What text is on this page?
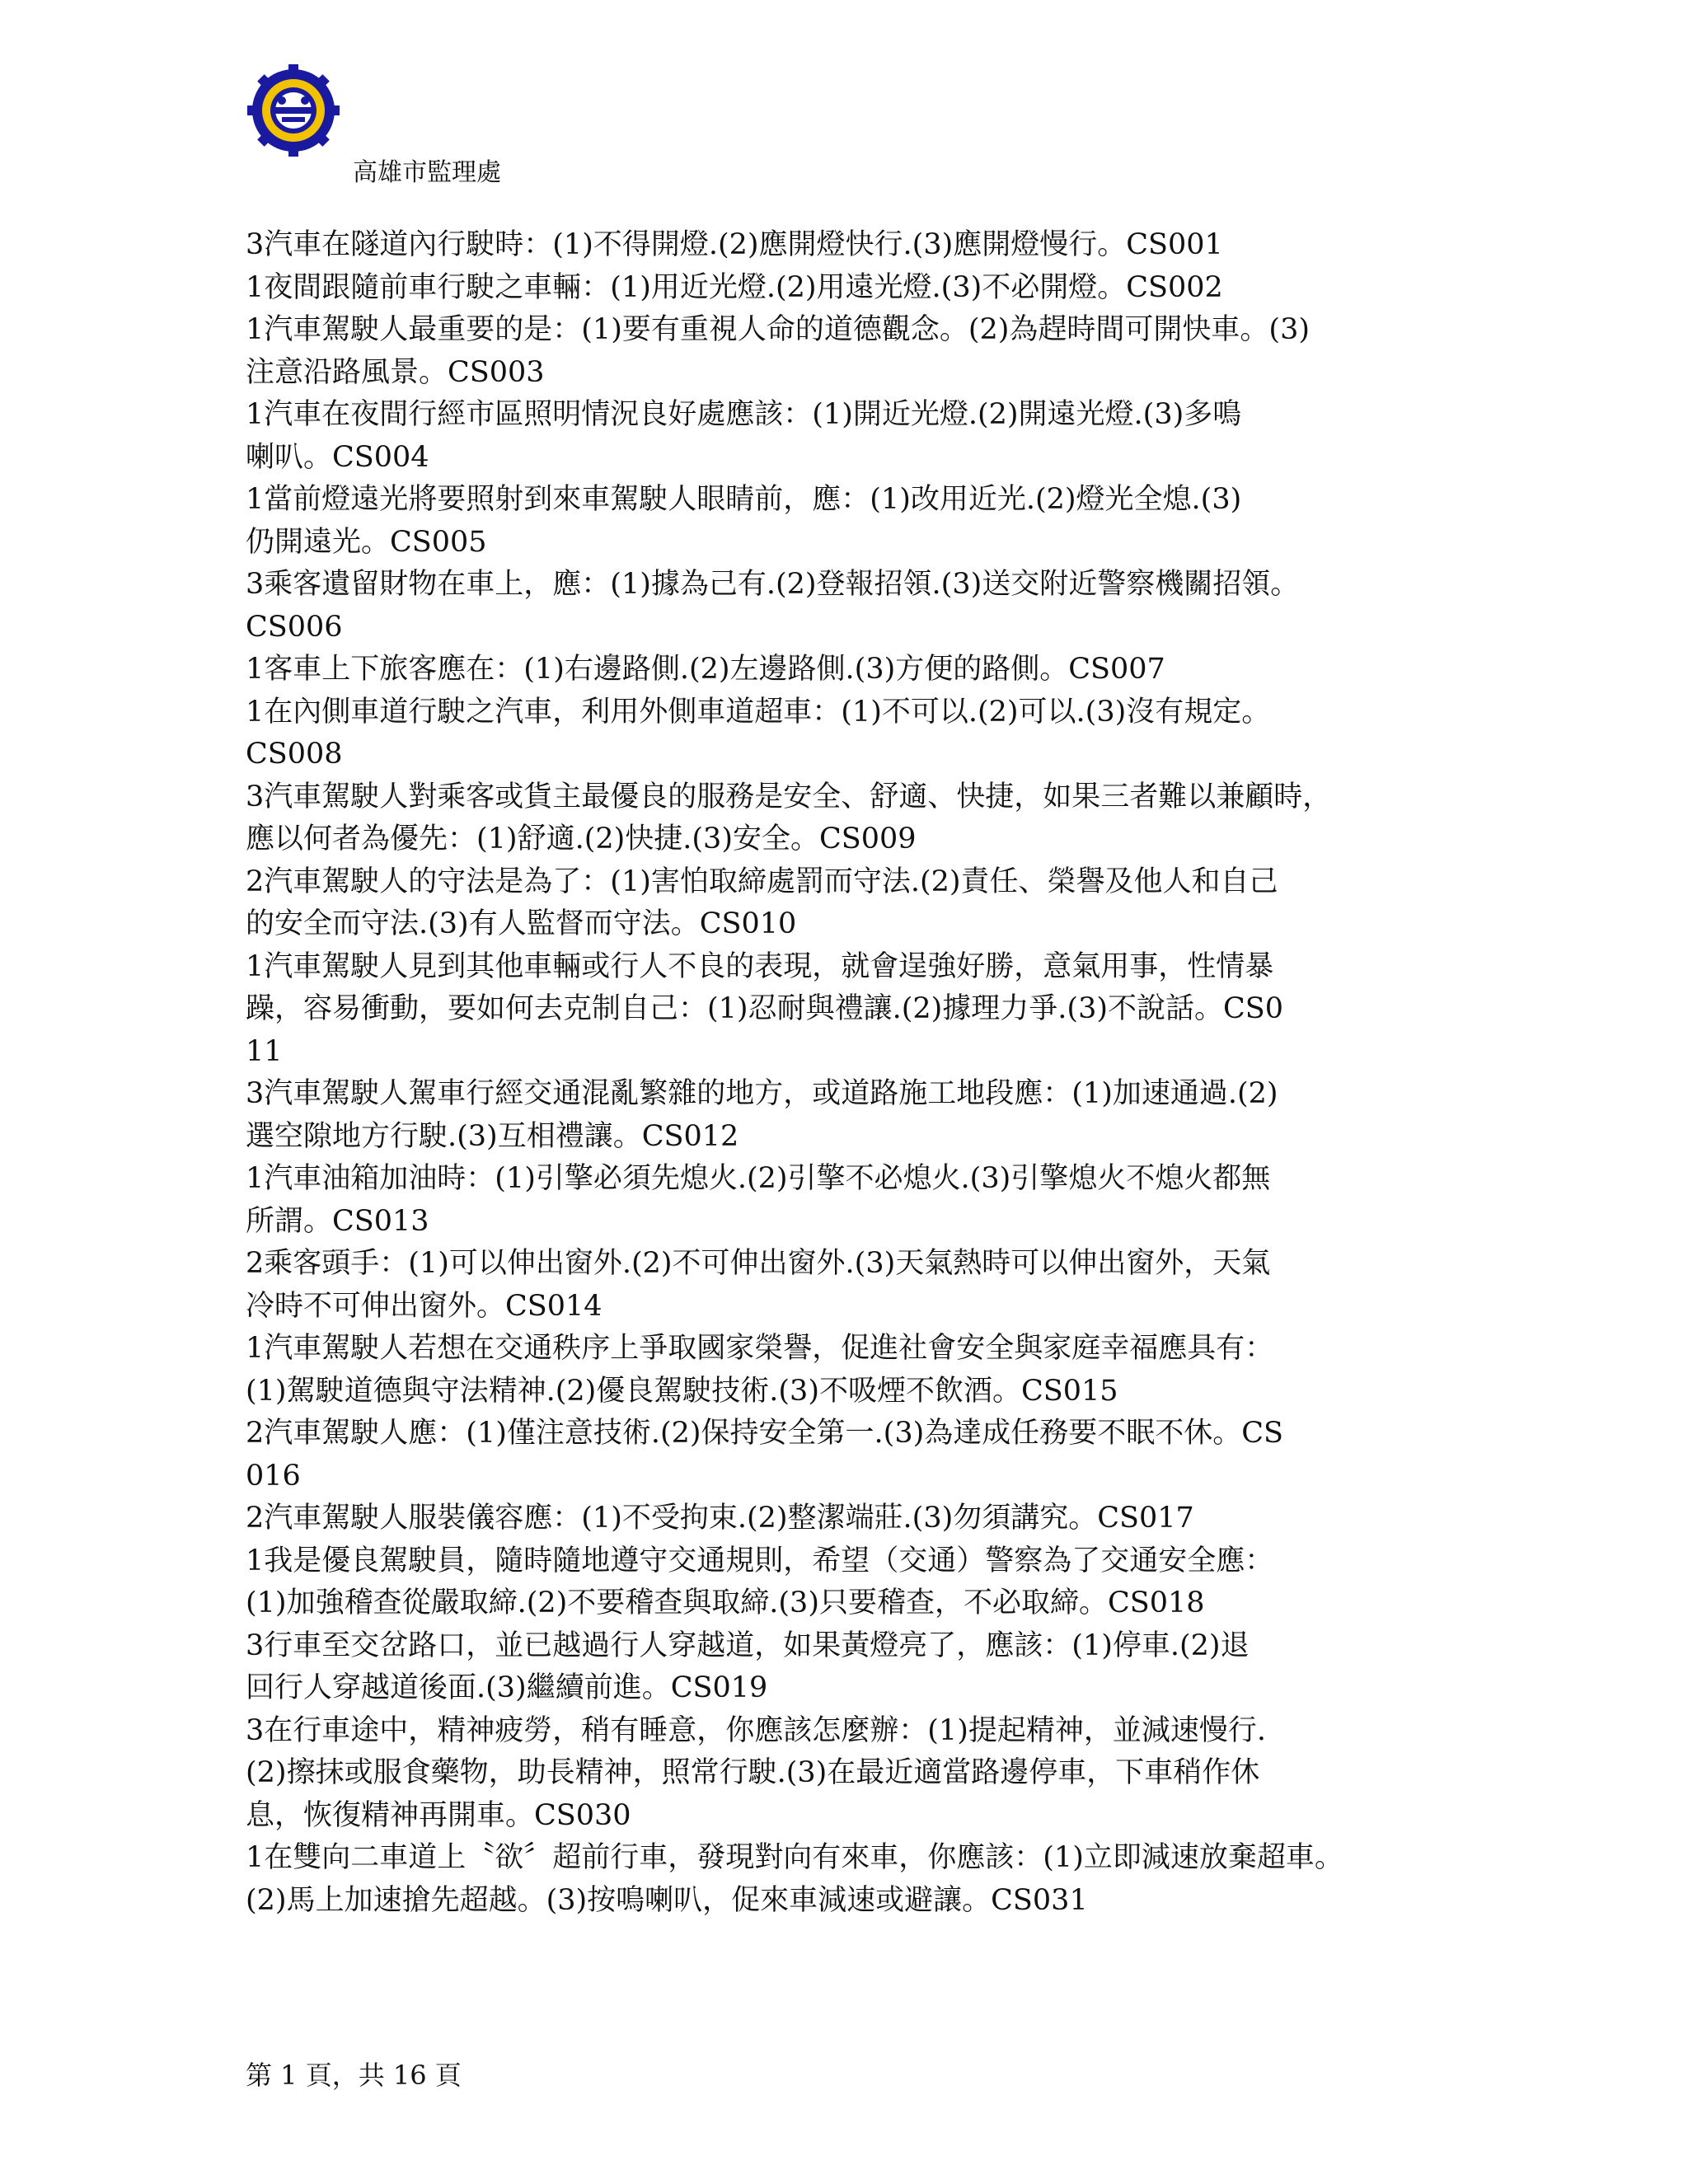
高雄市監理處
3汽車在隧道內行駛時：(1)不得開燈.(2)應開燈快行.(3)應開燈慢行。CS001
1夜間跟隨前車行駛之車輛：(1)用近光燈.(2)用遠光燈.(3)不必開燈。CS002
1汽車駕駛人最重要的是：(1)要有重視人命的道德觀念。(2)為趕時間可開快車。(3)
注意沿路風景。CS003
1汽車在夜間行經市區照明情況良好處應該：(1)開近光燈.(2)開遠光燈.(3)多鳴
喇叭。CS004
1當前燈遠光將要照射到來車駕駛人眼睛前，應：(1)改用近光.(2)燈光全熄.(3)
仍開遠光。CS005
3乘客遺留財物在車上，應：(1)據為己有.(2)登報招領.(3)送交附近警察機關招領。
CS006
1客車上下旅客應在：(1)右邊路側.(2)左邊路側.(3)方便的路側。CS007
1在內側車道行駛之汽車，利用外側車道超車：(1)不可以.(2)可以.(3)沒有規定。
CS008
3汽車駕駛人對乘客或貨主最優良的服務是安全、舒適、快捷，如果三者難以兼顧時，
應以何者為優先：(1)舒適.(2)快捷.(3)安全。CS009
2汽車駕駛人的守法是為了：(1)害怕取締處罰而守法.(2)責任、榮譽及他人和自己
的安全而守法.(3)有人監督而守法。CS010
1汽車駕駛人見到其他車輛或行人不良的表現，就會逞強好勝，意氣用事，性情暴
躁，容易衝動，要如何去克制自己：(1)忍耐與禮讓.(2)據理力爭.(3)不說話。CS0
11
3汽車駕駛人駕車行經交通混亂繁雜的地方，或道路施工地段應：(1)加速通過.(2)
選空隙地方行駛.(3)互相禮讓。CS012
1汽車油箱加油時：(1)引擎必須先熄火.(2)引擎不必熄火.(3)引擎熄火不熄火都無
所謂。CS013
2乘客頭手：(1)可以伸出窗外.(2)不可伸出窗外.(3)天氣熱時可以伸出窗外，天氣
冷時不可伸出窗外。CS014
1汽車駕駛人若想在交通秩序上爭取國家榮譽，促進社會安全與家庭幸福應具有：
(1)駕駛道德與守法精神.(2)優良駕駛技術.(3)不吸煙不飲酒。CS015
2汽車駕駛人應：(1)僅注意技術.(2)保持安全第一.(3)為達成任務要不眠不休。CS
016
2汽車駕駛人服裝儀容應：(1)不受拘束.(2)整潔端莊.(3)勿須講究。CS017
1我是優良駕駛員，隨時隨地遵守交通規則，希望（交通）警察為了交通安全應：
(1)加強稽查從嚴取締.(2)不要稽查與取締.(3)只要稽查，不必取締。CS018
3行車至交岔路口，並已越過行人穿越道，如果黃燈亮了，應該：(1)停車.(2)退
回行人穿越道後面.(3)繼續前進。CS019
3在行車途中，精神疲勞，稍有睡意，你應該怎麼辦：(1)提起精神，並減速慢行.
(2)擦抹或服食藥物，助長精神，照常行駛.(3)在最近適當路邊停車，下車稍作休
息，恢復精神再開車。CS030
1在雙向二車道上〝欲〞超前行車，發現對向有來車，你應該：(1)立即減速放棄超車。
(2)馬上加速搶先超越。(3)按鳴喇叭，促來車減速或避讓。CS031
第 1 頁，共 16 頁
